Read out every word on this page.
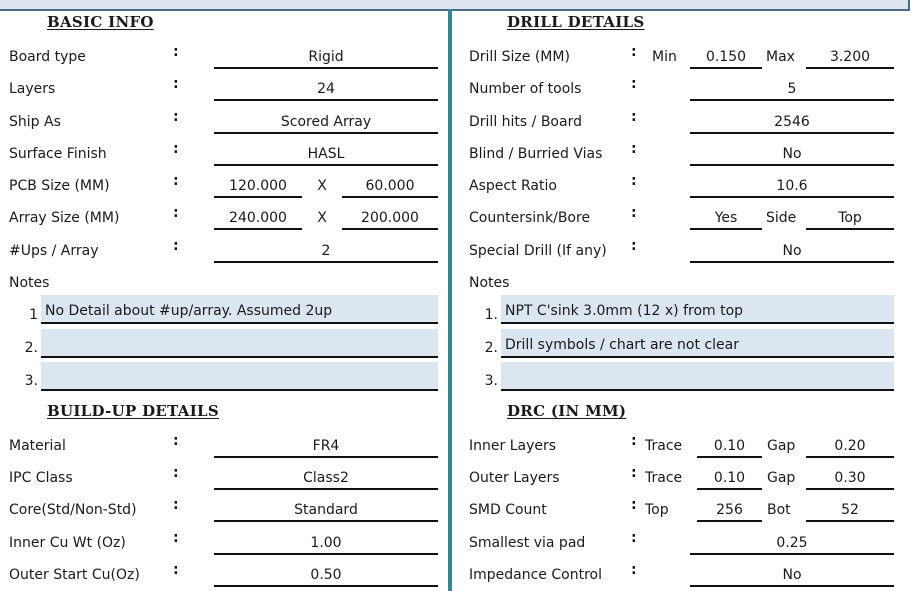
BASIC INFO
Board type	:	Rigid
Layers	:	24
Ship As	:	Scored Array
Surface Finish	:	HASL
PCB Size (MM)	:	120.000	X	60.000
Array Size (MM)	:	240.000	X	200.000
#Ups / Array	:	2
Notes
1 No Detail about #up/array. Assumed 2up
2.
3.
DRILL DETAILS
Drill Size (MM)	: Min	0.150	Max	3.200
Number of tools	:	5
Drill hits / Board	:	2546
Blind / Burried Vias :	No
Aspect Ratio	:	10.6
Countersink/Bore	:	Yes	Side	Top
Special Drill (If any) :	No
Notes
1. NPT C'sink 3.0mm (12 x) from top
2. Drill symbols / chart are not clear
3.
BUILD-UP DETAILS
Material	:	FR4
IPC Class	:	Class2
Core(Std/Non-Std)	:	Standard
Inner Cu Wt (Oz)	:	1.00
Outer Start Cu(Oz) :	0.50
DRC (IN MM)
Inner Layers	: Trace	0.10	Gap	0.20
Outer Layers	: Trace	0.10	Gap	0.30
SMD Count	: Top	256	Bot	52
Smallest via pad	:	0.25
Impedance Control :	No
